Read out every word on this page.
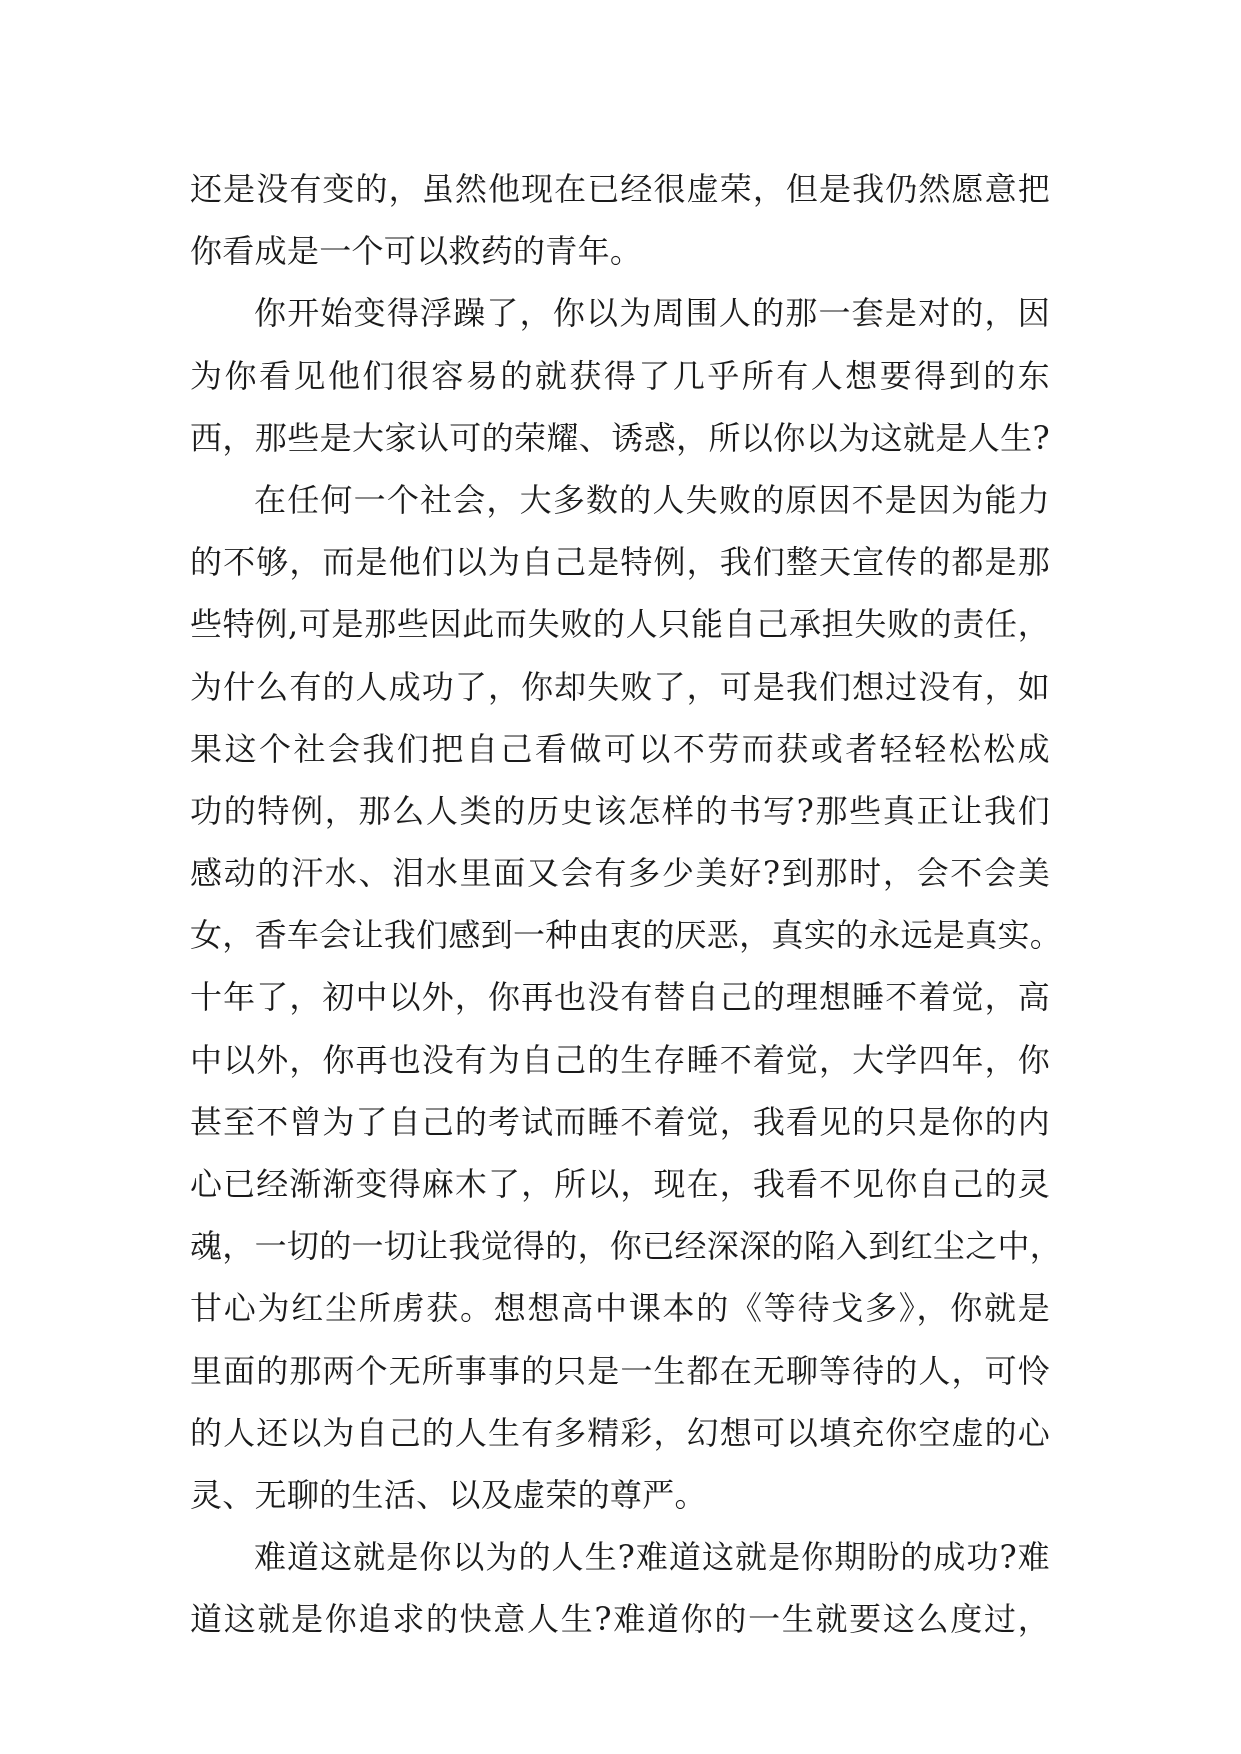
还是没有变的，虽然他现在已经很虚荣，但是我仍然愿意把
你看成是一个可以救药的青年。
你开始变得浮躁了，你以为周围人的那一套是对的，因
为你看见他们很容易的就获得了几乎所有人想要得到的东
西，那些是大家认可的荣耀、诱惑，所以你以为这就是人生?
在任何一个社会，大多数的人失败的原因不是因为能力
的不够，而是他们以为自己是特例，我们整天宣传的都是那
些特例,可是那些因此而失败的人只能自己承担失败的责任，
为什么有的人成功了，你却失败了，可是我们想过没有，如
果这个社会我们把自己看做可以不劳而获或者轻轻松松成
功的特例，那么人类的历史该怎样的书写?那些真正让我们
感动的汗水、泪水里面又会有多少美好?到那时，会不会美
女，香车会让我们感到一种由衷的厌恶，真实的永远是真实。
十年了，初中以外，你再也没有替自己的理想睡不着觉，高
中以外，你再也没有为自己的生存睡不着觉，大学四年，你
甚至不曾为了自己的考试而睡不着觉，我看见的只是你的内
心已经渐渐变得麻木了，所以，现在，我看不见你自己的灵
魂，一切的一切让我觉得的，你已经深深的陷入到红尘之中，
甘心为红尘所虏获。想想高中课本的《等待戈多》，你就是
里面的那两个无所事事的只是一生都在无聊等待的人，可怜
的人还以为自己的人生有多精彩，幻想可以填充你空虚的心
灵、无聊的生活、以及虚荣的尊严。
难道这就是你以为的人生?难道这就是你期盼的成功?难
道这就是你追求的快意人生?难道你的一生就要这么度过，
